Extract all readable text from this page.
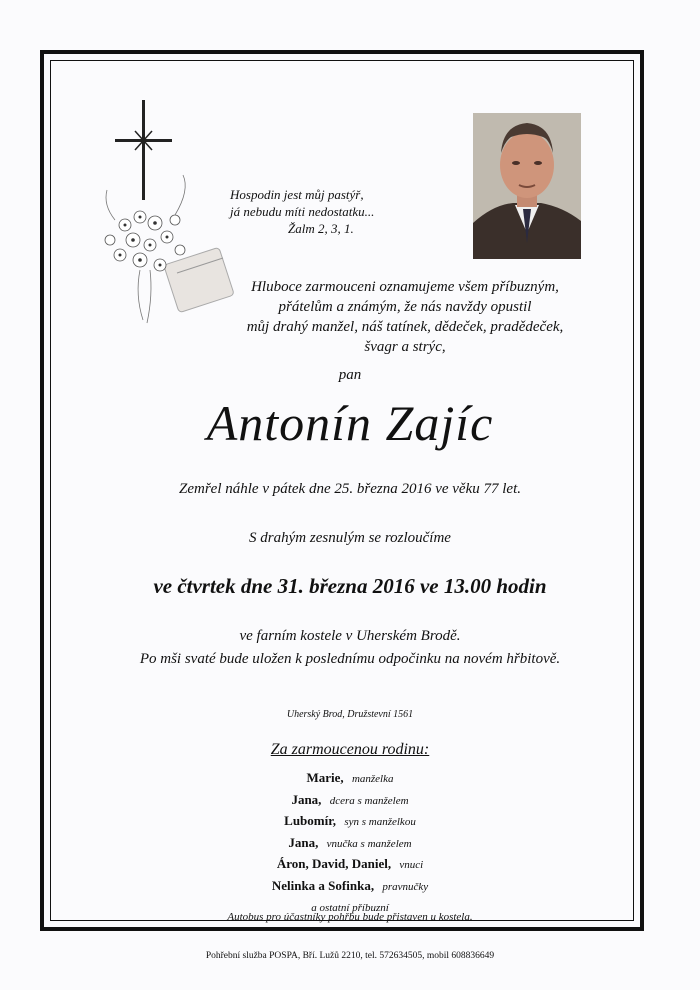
Hospodin jest můj pastýř,
já nebudu míti nedostatku...
Žalm 2, 3, 1.
Hluboce zarmouceni oznamujeme všem příbuzným,
přátelům a známým, že nás navždy opustil
můj drahý manžel, náš tatínek, dědeček, pradědeček,
švagr a strýc,
pan
Antonín Zajíc
Zemřel náhle v pátek dne 25. března 2016 ve věku 77 let.
S drahým zesnulým se rozloučíme
ve čtvrtek dne 31. března 2016 ve 13.00 hodin
ve farním kostele v Uherském Brodě.
Po mši svaté bude uložen k poslednímu odpočinku na novém hřbitově.
Uherský Brod, Družstevní 1561
Za zarmoucenou rodinu:
Marie, manželka
Jana, dcera s manželem
Lubomír, syn s manželkou
Jana, vnučka s manželem
Áron, David, Daniel, vnuci
Nelinka a Sofinka, pravnučky
a ostatní příbuzní
Autobus pro účastníky pohřbu bude přistaven u kostela.
Pohřební služba POSPA, Bří. Lužů 2210, tel. 572634505, mobil 608836649
